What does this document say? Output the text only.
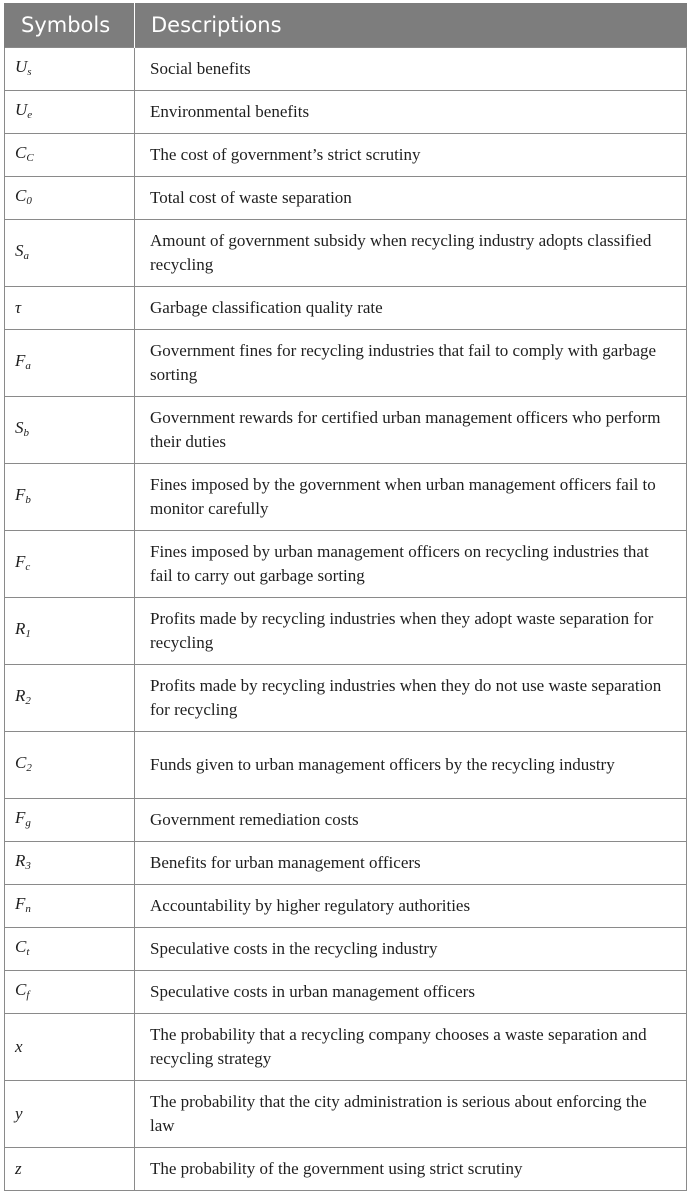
Symbols	Descriptions
$U_s$	Social benefits
$U_e$	Environmental benefits
$C_C$	The cost of government’s strict scrutiny
$C_0$	Total cost of waste separation
$S_a$	Amount of government subsidy when recycling industry adopts classified recycling
τ	Garbage classification quality rate
$F_a$	Government fines for recycling industries that fail to comply with garbage sorting
$S_b$	Government rewards for certified urban management officers who perform their duties
$F_b$	Fines imposed by the government when urban management officers fail to monitor carefully
$F_c$	Fines imposed by urban management officers on recycling industries that fail to carry out garbage sorting
$R_1$	Profits made by recycling industries when they adopt waste separation for recycling
$R_2$	Profits made by recycling industries when they do not use waste separation for recycling
$C_2$	Funds given to urban management officers by the recycling industry
$F_g$	Government remediation costs
$R_3$	Benefits for urban management officers
$F_n$	Accountability by higher regulatory authorities
$C_t$	Speculative costs in the recycling industry
$C_f$	Speculative costs in urban management officers
x	The probability that a recycling company chooses a waste separation and recycling strategy
y	The probability that the city administration is serious about enforcing the law
z	The probability of the government using strict scrutiny
